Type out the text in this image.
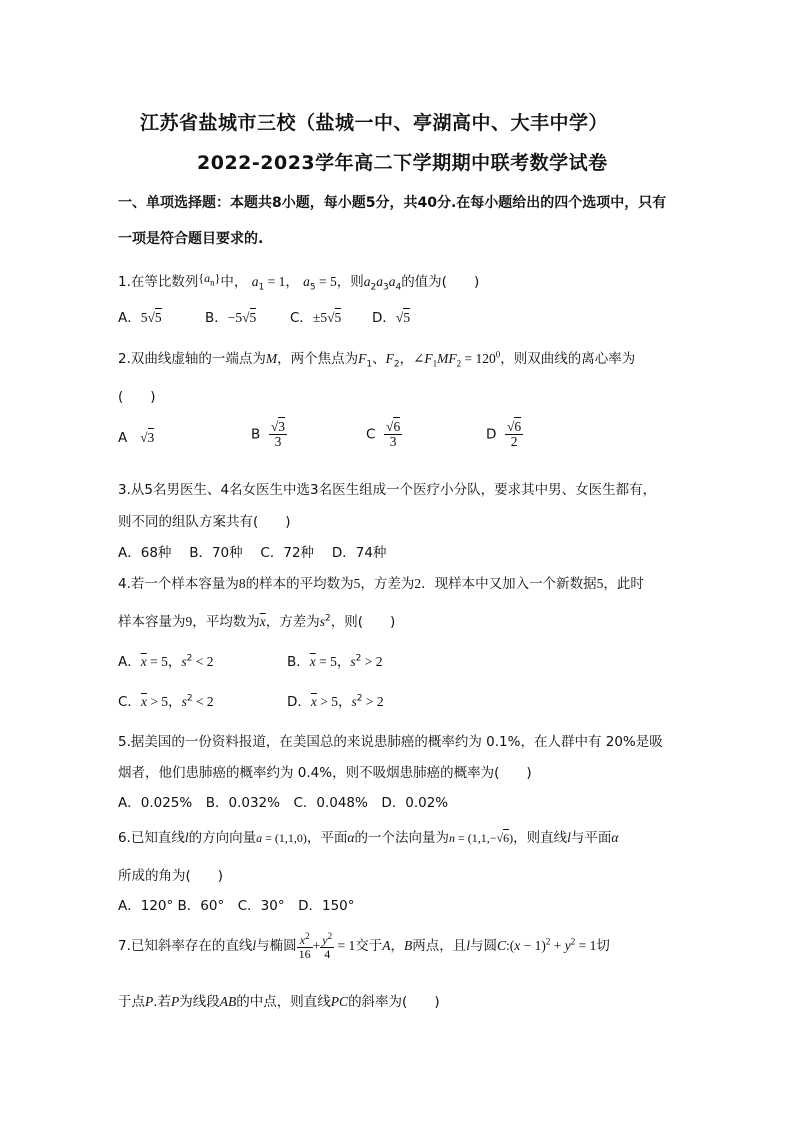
江苏省盐城市三校（盐城一中、亭湖高中、大丰中学）
2022-2023学年高二下学期期中联考数学试卷
一、单项选择题：本题共8小题，每小题5分，共40分.在每小题给出的四个选项中，只有
一项是符合题目要求的.
1.在等比数列$\{a_n\}$中， $a_1 = 1$， $a_5 = 5$，则$a_2a_3a_4$的值为(　　)
A．5√5	B．−5√5 C．±5√5 D．√5
2.双曲线虚轴的一端点为M，两个焦点为$F_1$、$F_2$，$\angle F_1MF_2 = 120^0$，则双曲线的离心率为
(　　)
A √3	B $\frac{√3}{3}$	C $\frac{√6}{3}$	D $\frac{√6}{2}$
3.从5名男医生、4名女医生中选3名医生组成一个医疗小分队，要求其中男、女医生都有，
则不同的组队方案共有(　　)
A．68种　 B．70种　 C．72种　 D．74种
4.若一个样本容量为8的样本的平均数为5，方差为2．现样本中又加入一个新数据5，此时
样本容量为9，平均数为$\overline{x}$，方差为$s^2$，则(　　)
A．$\overline{x} = 5$，$s^2 < 2$	B．$\overline{x} = 5$，$s^2 > 2$
C．$\overline{x} > 5$，$s^2 < 2$	D．$\overline{x} > 5$，$s^2 > 2$
5.据美国的一份资料报道，在美国总的来说患肺癌的概率约为 0.1%，在人群中有 20%是吸
烟者，他们患肺癌的概率约为 0.4%，则不吸烟患肺癌的概率为(　　)
A．0.025%　B．0.032%　C．0.048%　D．0.02%
6.已知直线l的方向向量a = (1,1,0)，平面α的一个法向量为n = (1,1,−√6)，则直线l与平面α
所成的角为(　　)
A．120° B．60°　C．30°　D．150°
7.已知斜率存在的直线l与椭圆 $\frac{x^2}{16} + \frac{y^2}{4} = 1$交于A，B两点，且l与圆C:(x − $1)^2 + y^2 = 1$切
于点P.若P为线段AB的中点，则直线PC的斜率为(　　)
